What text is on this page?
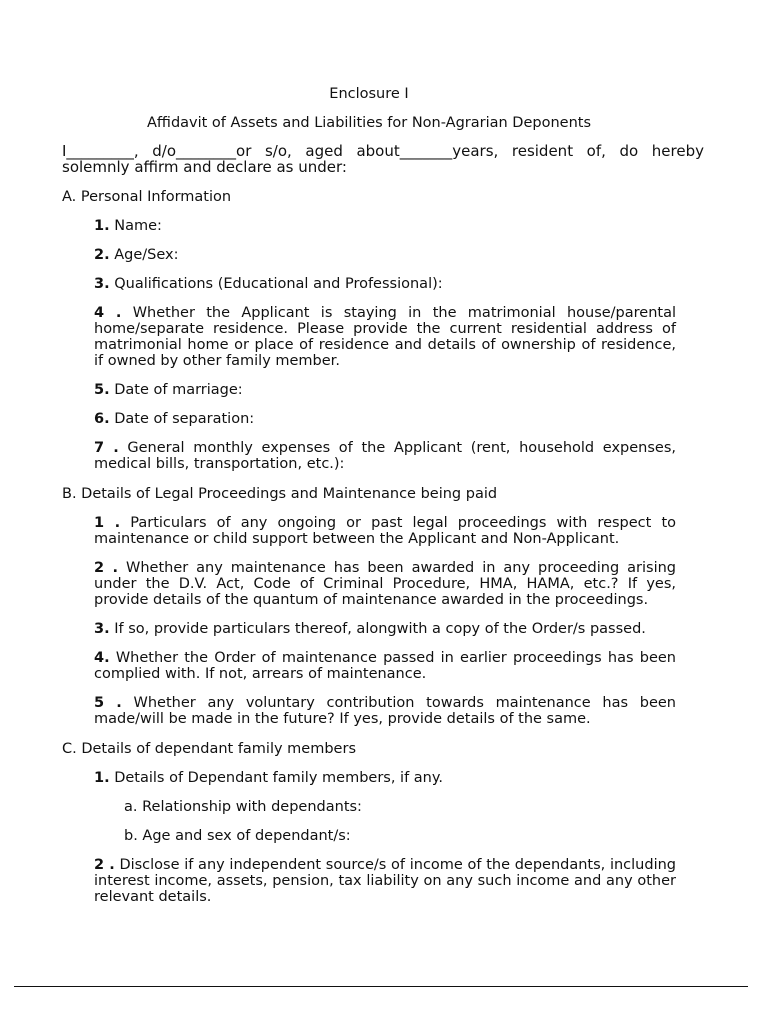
Enclosure I
Affidavit of Assets and Liabilities for Non-Agrarian Deponents
I_________, d/o________or s/o, aged about_______years, resident of, do hereby solemnly affirm and declare as under:
A. Personal Information
1. Name:
2. Age/Sex:
3. Qualifications (Educational and Professional):
4 . Whether the Applicant is staying in the matrimonial house/parental home/separate residence. Please provide the current residential address of matrimonial home or place of residence and details of ownership of residence, if owned by other family member.
5. Date of marriage:
6. Date of separation:
7 . General monthly expenses of the Applicant (rent, household expenses, medical bills, transportation, etc.):
B. Details of Legal Proceedings and Maintenance being paid
1 . Particulars of any ongoing or past legal proceedings with respect to maintenance or child support between the Applicant and Non-Applicant.
2 . Whether any maintenance has been awarded in any proceeding arising under the D.V. Act, Code of Criminal Procedure, HMA, HAMA, etc.? If yes, provide details of the quantum of maintenance awarded in the proceedings.
3. If so, provide particulars thereof, alongwith a copy of the Order/s passed.
4. Whether the Order of maintenance passed in earlier proceedings has been complied with. If not, arrears of maintenance.
5 . Whether any voluntary contribution towards maintenance has been made/will be made in the future? If yes, provide details of the same.
C. Details of dependant family members
1. Details of Dependant family members, if any.
a. Relationship with dependants:
b. Age and sex of dependant/s:
2 . Disclose if any independent source/s of income of the dependants, including interest income, assets, pension, tax liability on any such income and any other relevant details.
